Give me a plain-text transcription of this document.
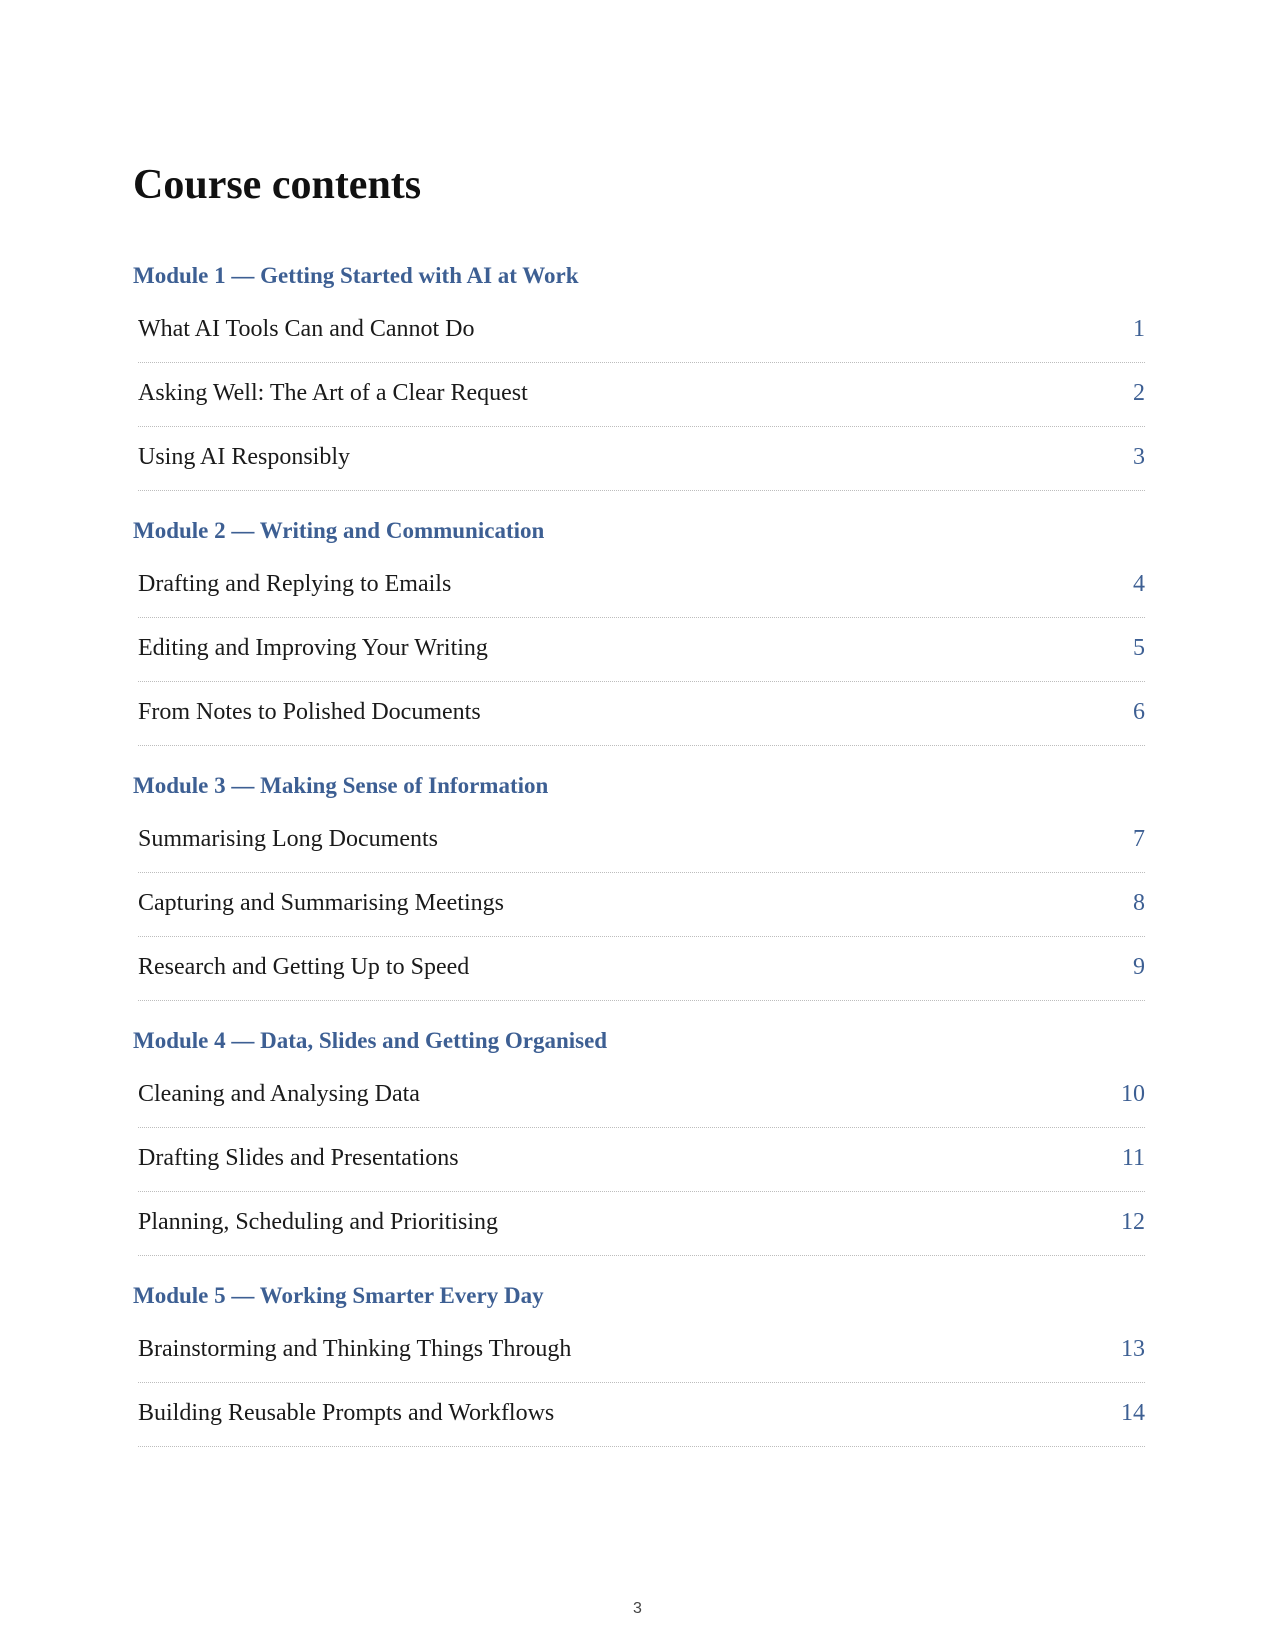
Course contents
Module 1 — Getting Started with AI at Work
What AI Tools Can and Cannot Do	1
Asking Well: The Art of a Clear Request	2
Using AI Responsibly	3
Module 2 — Writing and Communication
Drafting and Replying to Emails	4
Editing and Improving Your Writing	5
From Notes to Polished Documents	6
Module 3 — Making Sense of Information
Summarising Long Documents	7
Capturing and Summarising Meetings	8
Research and Getting Up to Speed	9
Module 4 — Data, Slides and Getting Organised
Cleaning and Analysing Data	10
Drafting Slides and Presentations	11
Planning, Scheduling and Prioritising	12
Module 5 — Working Smarter Every Day
Brainstorming and Thinking Things Through	13
Building Reusable Prompts and Workflows	14
3
